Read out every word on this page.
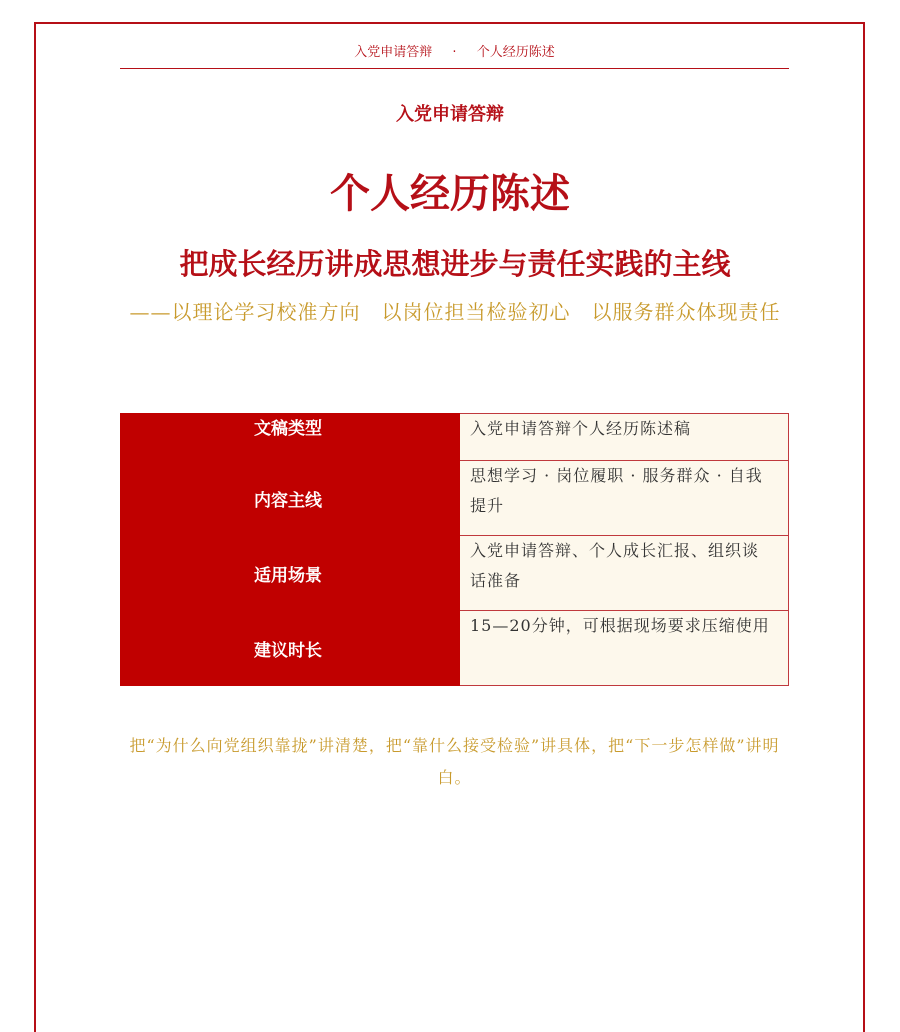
入党申请答辩 · 个人经历陈述
入党申请答辩
个人经历陈述
把成长经历讲成思想进步与责任实践的主线
——以理论学习校准方向　以岗位担当检验初心　以服务群众体现责任
文稿类型	入党申请答辩个人经历陈述稿
内容主线	思想学习 · 岗位履职 · 服务群众 · 自我提升
适用场景	入党申请答辩、个人成长汇报、组织谈话准备
建议时长	15—20分钟，可根据现场要求压缩使用
把“为什么向党组织靠拢”讲清楚，把“靠什么接受检验”讲具体，把“下一步怎样做”讲明白。
